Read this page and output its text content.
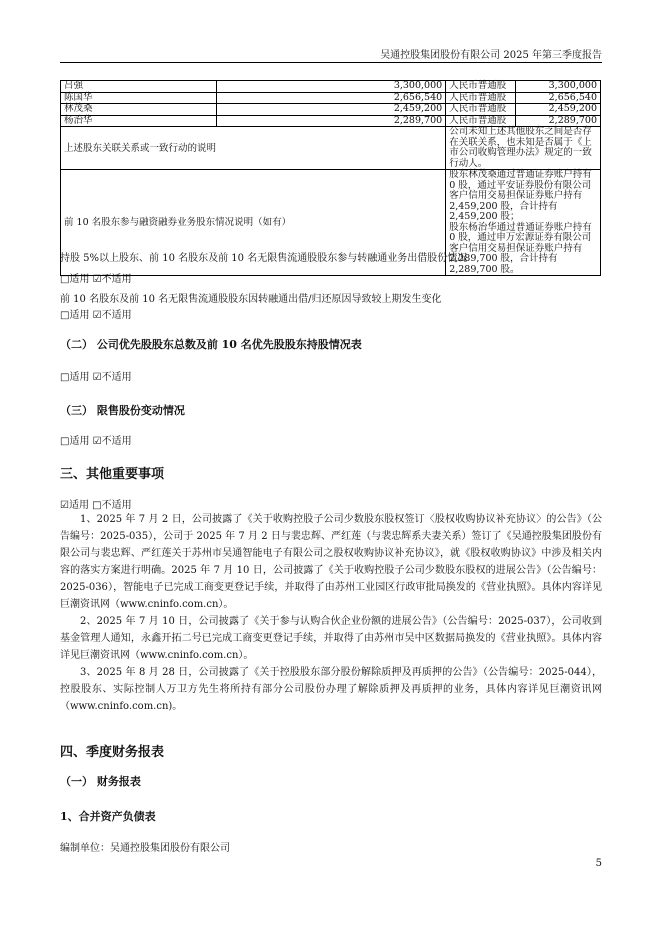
吴通控股集团股份有限公司 2025 年第三季度报告
吕强	3,300,000	人民币普通股	3,300,000
陈国华	2,656,540	人民币普通股	2,656,540
林茂桑	2,459,200	人民币普通股	2,459,200
杨治华	2,289,700	人民币普通股	2,289,700
上述股东关联关系或一致行动的说明		公司未知上述其他股东之间是否存在关联关系，也未知是否属于《上市公司收购管理办法》规定的一致行动人。	
前 10 名股东参与融资融券业务股东情况说明（如有）		股东林茂桑通过普通证券账户持有 0 股，通过平安证券股份有限公司客户信用交易担保证券账户持有 2,459,200 股，合计持有 2,459,200 股；
股东杨治华通过普通证券账户持有 0 股，通过申万宏源证券有限公司客户信用交易担保证券账户持有 2,289,700 股，合计持有 2,289,700 股。	
持股 5%以上股东、前 10 名股东及前 10 名无限售流通股股东参与转融通业务出借股份情况
□适用 ☑不适用
前 10 名股东及前 10 名无限售流通股股东因转融通出借/归还原因导致较上期发生变化
□适用 ☑不适用
（二） 公司优先股股东总数及前 10 名优先股股东持股情况表
□适用 ☑不适用
（三） 限售股份变动情况
□适用 ☑不适用
三、其他重要事项
☑适用 □不适用

1、2025 年 7 月 2 日，公司披露了《关于收购控股子公司少数股东股权签订〈股权收购协议补充协议〉的公告》（公告编号：2025-035），公司于 2025 年 7 月 2 日与裴忠辉、严红莲（与裴忠辉系夫妻关系）签订了《吴通控股集团股份有限公司与裴忠辉、严红莲关于苏州市吴通智能电子有限公司之股权收购协议补充协议》，就《股权收购协议》中涉及相关内容的落实方案进行明确。2025 年 7 月 10 日，公司披露了《关于收购控股子公司少数股东股权的进展公告》（公告编号：2025-036），智能电子已完成工商变更登记手续，并取得了由苏州工业园区行政审批局换发的《营业执照》。具体内容详见巨潮资讯网（www.cninfo.com.cn）。

2、2025 年 7 月 10 日，公司披露了《关于参与认购合伙企业份额的进展公告》（公告编号：2025-037），公司收到基金管理人通知，永鑫开拓二号已完成工商变更登记手续，并取得了由苏州市吴中区数据局换发的《营业执照》。具体内容详见巨潮资讯网（www.cninfo.com.cn）。

3、2025 年 8 月 28 日，公司披露了《关于控股股东部分股份解除质押及再质押的公告》（公告编号：2025-044），控股股东、实际控制人万卫方先生将所持有部分公司股份办理了解除质押及再质押的业务，具体内容详见巨潮资讯网（www.cninfo.com.cn)。

四、季度财务报表
（一） 财务报表
1、合并资产负债表
编制单位：吴通控股集团股份有限公司
5
